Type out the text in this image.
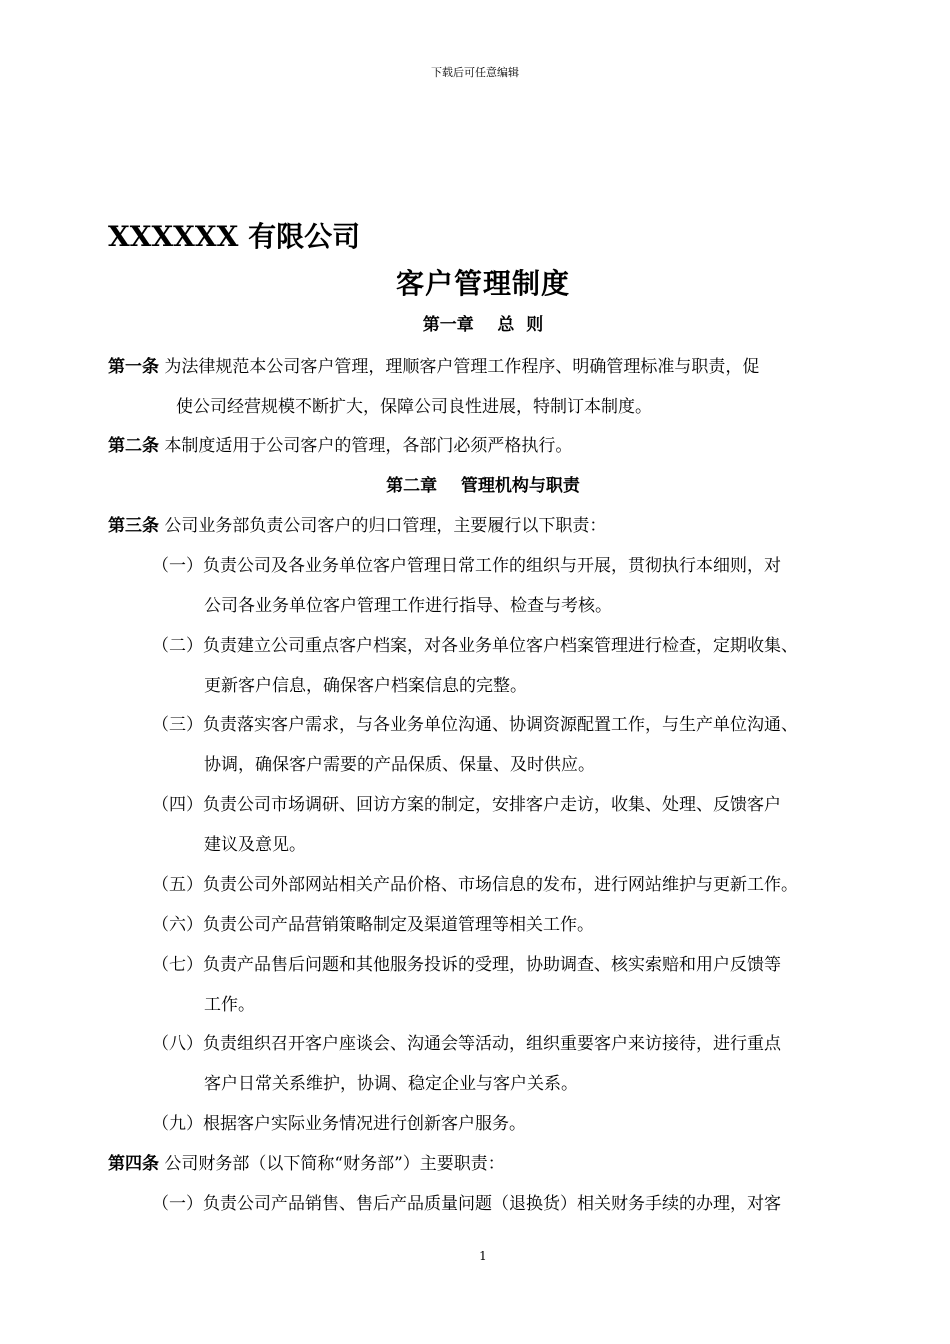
下载后可任意编辑
XXXXXX 有限公司
客户管理制度
第一章    总  则
第一条 为法律规范本公司客户管理，理顺客户管理工作程序、明确管理标准与职责，促
使公司经营规模不断扩大，保障公司良性进展，特制订本制度。
第二条 本制度适用于公司客户的管理，各部门必须严格执行。
第二章    管理机构与职责
第三条 公司业务部负责公司客户的归口管理，主要履行以下职责：
（一）负责公司及各业务单位客户管理日常工作的组织与开展，贯彻执行本细则，对
公司各业务单位客户管理工作进行指导、检查与考核。
（二）负责建立公司重点客户档案，对各业务单位客户档案管理进行检查，定期收集、
更新客户信息，确保客户档案信息的完整。
（三）负责落实客户需求，与各业务单位沟通、协调资源配置工作，与生产单位沟通、
协调，确保客户需要的产品保质、保量、及时供应。
（四）负责公司市场调研、回访方案的制定，安排客户走访，收集、处理、反馈客户
建议及意见。
（五）负责公司外部网站相关产品价格、市场信息的发布，进行网站维护与更新工作。
（六）负责公司产品营销策略制定及渠道管理等相关工作。
（七）负责产品售后问题和其他服务投诉的受理，协助调查、核实索赔和用户反馈等
工作。
（八）负责组织召开客户座谈会、沟通会等活动，组织重要客户来访接待，进行重点
客户日常关系维护，协调、稳定企业与客户关系。
（九）根据客户实际业务情况进行创新客户服务。
第四条 公司财务部（以下简称“财务部”）主要职责：
（一）负责公司产品销售、售后产品质量问题（退换货）相关财务手续的办理，对客
1
